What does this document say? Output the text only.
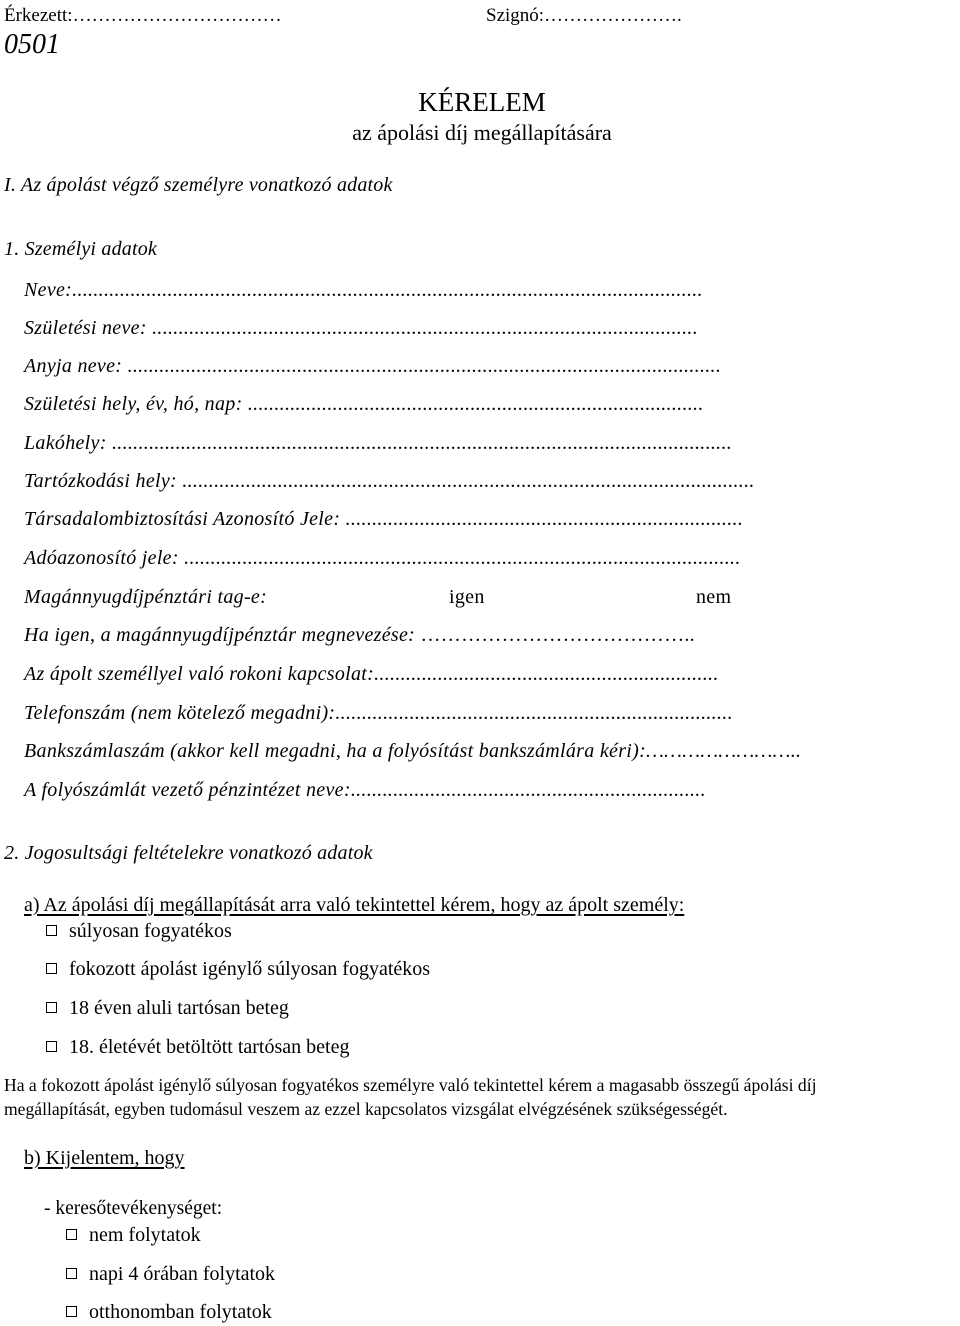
Érkezett:……………………………	Szignó:………………….
0501
KÉRELEM
az ápolási díj megállapítására
I. Az ápolást végző személyre vonatkozó adatok
1. Személyi adatok
Neve:.......................................................................................................................
Születési neve: .......................................................................................................
Anyja neve: ................................................................................................................
Születési hely, év, hó, nap: ......................................................................................
Lakóhely: .....................................................................................................................
Tartózkodási hely: ............................................................................................................
Társadalombiztosítási Azonosító Jele: ...........................................................................
Adóazonosító jele: .........................................................................................................
Magánnyugdíjpénztári tag-e:	igen	nem
Ha igen, a magánnyugdíjpénztár megnevezése: …………………………………..
Az ápolt személlyel való rokoni kapcsolat:.................................................................
Telefonszám (nem kötelező megadni):...........................................................................
Bankszámlaszám (akkor kell megadni, ha a folyósítást bankszámlára kéri):……………………..
A folyószámlát vezető pénzintézet neve:...................................................................
2. Jogosultsági feltételekre vonatkozó adatok
a) Az ápolási díj megállapítását arra való tekintettel kérem, hogy az ápolt személy:
súlyosan fogyatékos
fokozott ápolást igénylő súlyosan fogyatékos
18 éven aluli tartósan beteg
18. életévét betöltött tartósan beteg
Ha a fokozott ápolást igénylő súlyosan fogyatékos személyre való tekintettel kérem a magasabb összegű ápolási díj
megállapítását, egyben tudomásul veszem az ezzel kapcsolatos vizsgálat elvégzésének szükségességét.
b) Kijelentem, hogy
- keresőtevékenységet:
nem folytatok
napi 4 órában folytatok
otthonomban folytatok
